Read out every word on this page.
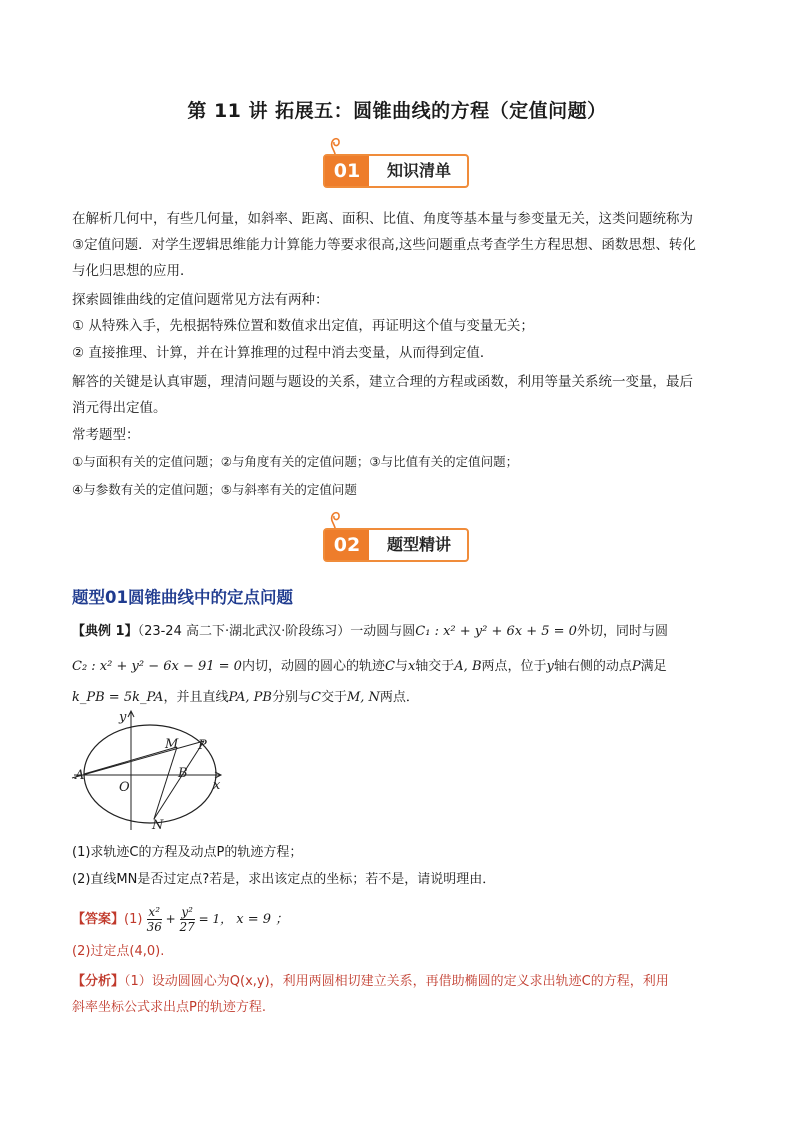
第 11 讲 拓展五：圆锥曲线的方程（定值问题）
01	知识清单
在解析几何中，有些几何量，如斜率、距离、面积、比值、角度等基本量与参变量无关，这类问题统称为
③定值问题．对学生逻辑思维能力计算能力等要求很高,这些问题重点考查学生方程思想、函数思想、转化
与化归思想的应用．
探索圆锥曲线的定值问题常见方法有两种：
① 从特殊入手，先根据特殊位置和数值求出定值，再证明这个值与变量无关；
② 直接推理、计算，并在计算推理的过程中消去变量，从而得到定值．
解答的关键是认真审题，理清问题与题设的关系，建立合理的方程或函数，利用等量关系统一变量，最后
消元得出定值。
常考题型：
①与面积有关的定值问题；②与角度有关的定值问题；③与比值有关的定值问题；
④与参数有关的定值问题；⑤与斜率有关的定值问题
02	题型精讲
题型01圆锥曲线中的定点问题
【典例 1】（23-24 高二下·湖北武汉·阶段练习）一动圆与圆C₁ : x² + y² + 6x + 5 = 0外切，同时与圆
C₂ : x² + y² − 6x − 91 = 0内切，动圆的圆心的轨迹C与x轴交于A, B两点，位于y轴右侧的动点P满足
k_PB = 5k_PA，并且直线PA, PB分别与C交于M, N两点．
y
M P
A
O
B
x
N
(1)求轨迹C的方程及动点P的轨迹方程；
(2)直线MN是否过定点?若是，求出该定点的坐标；若不是，请说明理由．
【答案】$(1) \frac{\text{x²}}{36} + \frac{\text{y²}}{27} = 1$， x = 9 ；
(2)过定点(4,0).
【分析】（1）设动圆圆心为Q(x,y)，利用两圆相切建立关系，再借助椭圆的定义求出轨迹C的方程，利用
斜率坐标公式求出点P的轨迹方程.
